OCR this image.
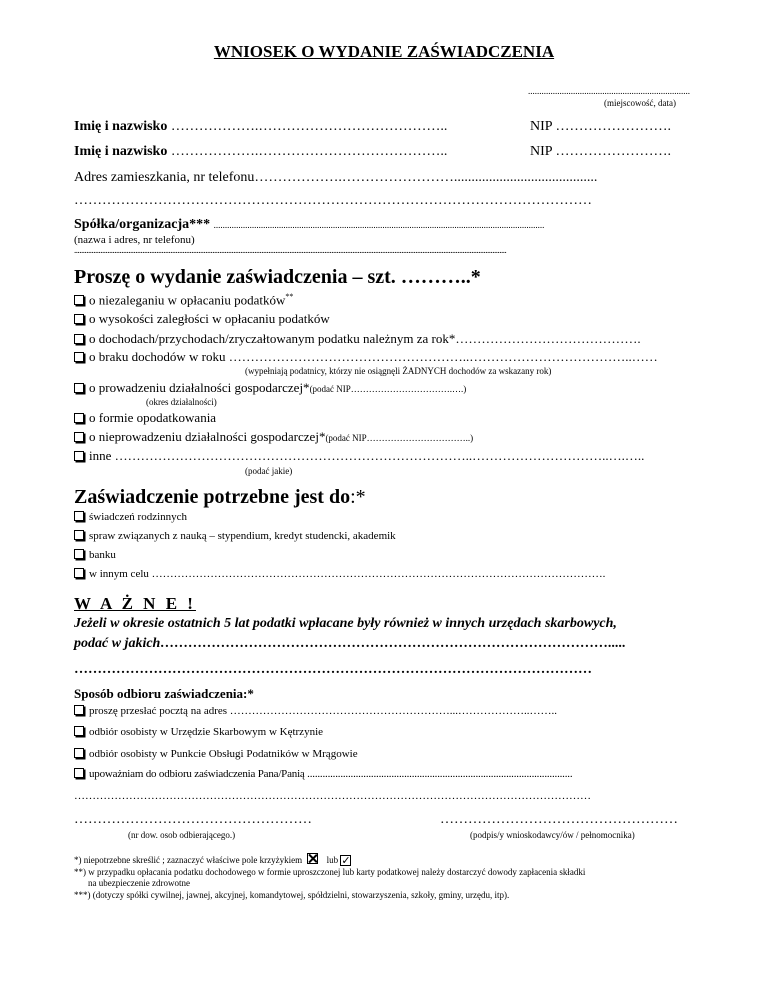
WNIOSEK O WYDANIE ZAŚWIADCZENIA
........................................................................
(miejscowość, data)
Imię i nazwisko ……………….…………………………………..	NIP …………………….
Imię i nazwisko ……………….…………………………………..	NIP …………………….
Adres zamieszkania, nr telefonu……………….…………………….........................................
…………………………………………………………………………………………………
Spółka/organizacja*** ...................................................................................................................................................
(nazwa i adres, nr telefonu)
.......................................................................................................................................................................................................................................................
Proszę o wydanie zaświadczenia – szt. ………..*
o niezaleganiu w opłacaniu podatków**
o wysokości zaległości w opłacaniu podatków
o dochodach/przychodach/zryczałtowanym podatku należnym za rok*…………………………………….
o braku dochodów w roku ………………………………………………..………………………………..……
(wypełniają podatnicy, którzy nie osiągnęli ŻADNYCH dochodów za wskazany rok)
o prowadzeniu działalności gospodarczej*(podać NIP…………………………….….)
(okres działalności)
o formie opodatkowania
o nieprowadzeniu działalności gospodarczej*(podać NIP……………………………..)
inne ………………………………………………………………………..…………………………..….…..
(podać jakie)
Zaświadczenie potrzebne jest do:*
świadczeń rodzinnych
spraw związanych z nauką – stypendium, kredyt studencki, akademik
banku
w innym celu …………………………………………………………………………………………………………….
W A Ż N E !
Jeżeli w okresie ostatnich 5 lat podatki wpłacane były również w innych urzędach skarbowych,
podać w jakich…………………………………………………………………………………….....
…………………………………………………………………………………………………
Sposób odbioru zaświadczenia:*
proszę przesłać pocztą na adres ……………………………………………………...………………..……..
odbiór osobisty w Urzędzie Skarbowym w Kętrzynie
odbiór osobisty w Punkcie Obsługi Podatników w Mrągowie
upoważniam do odbioru zaświadczenia Pana/Panią ........................................................................................................
……………………………………………………………………………………………………………………………
……………………………………………
(nr dow. osob odbierającego.)
……………………………………………
(podpis/y wnioskodawcy/ów / pełnomocnika)
*) niepotrzebne skreślić ; zaznaczyć właściwe pole krzyżykiem	lub ✓
**) w przypadku opłacania podatku dochodowego w formie uproszczonej lub karty podatkowej należy dostarczyć dowody zapłacenia składki
na ubezpieczenie zdrowotne
***) (dotyczy spółki cywilnej, jawnej, akcyjnej, komandytowej, spółdzielni, stowarzyszenia, szkoły, gminy, urzędu, itp).
